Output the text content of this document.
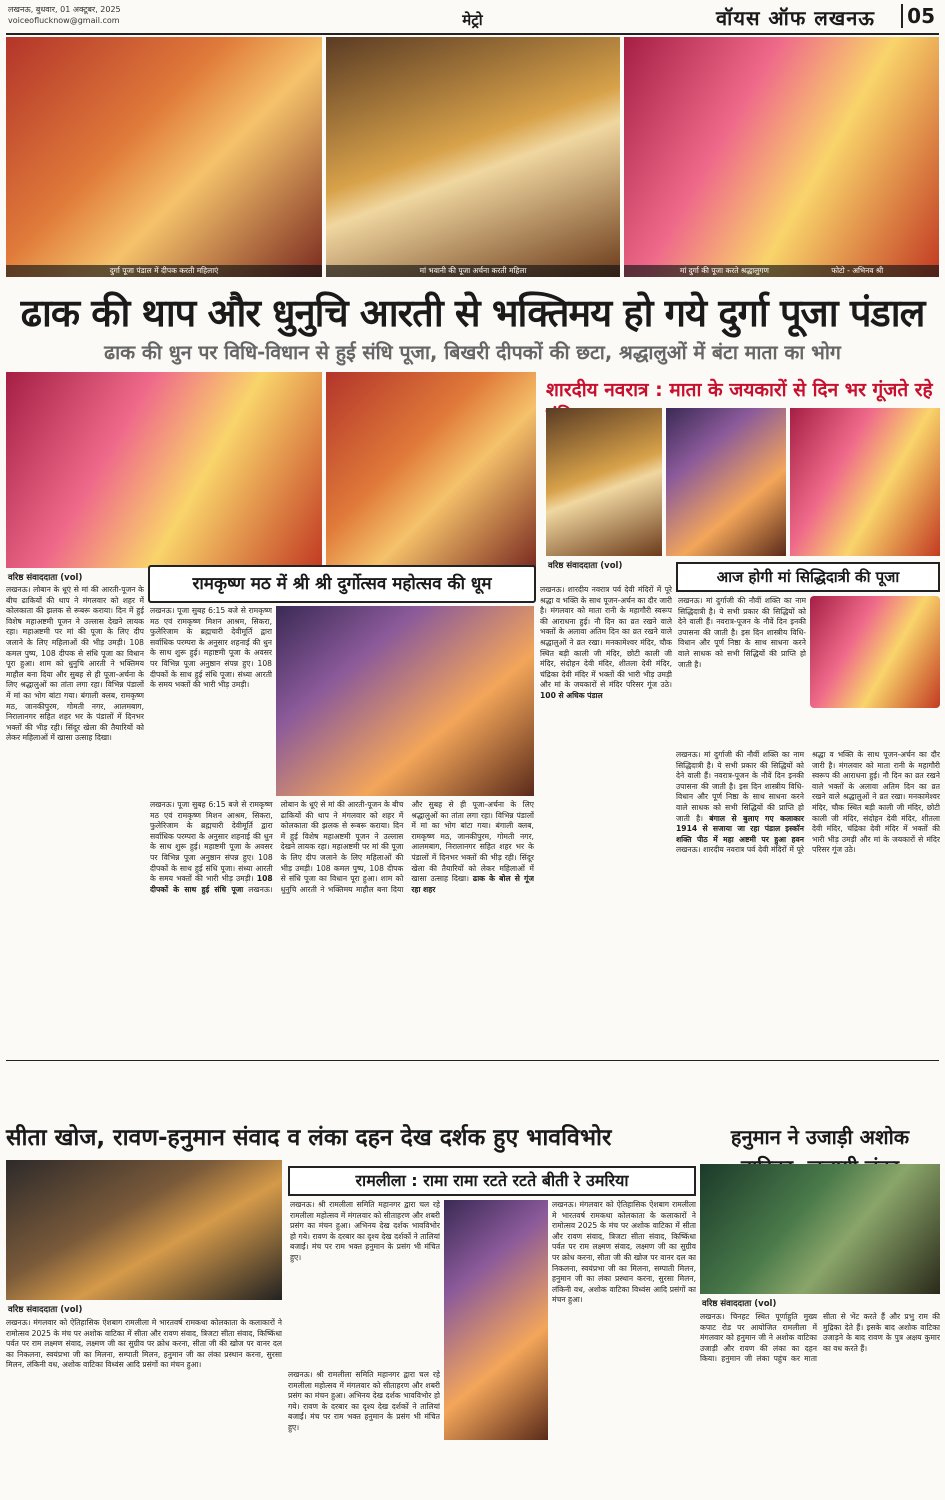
लखनऊ, बुधवार, 01 अक्टूबर, 2025
voiceoflucknow@gmail.com	मेट्रो	वॉयस ऑफ लखनऊ	05
दुर्गा पूजा पंडाल में दीपक करती महिलाएं	मां भवानी की पूजा अर्चना करती महिला	मां दुर्गा की पूजा करते श्रद्धालुगण	फोटो - अभिनव श्री
ढाक की थाप और धुनुचि आरती से भक्तिमय हो गये दुर्गा पूजा पंडाल
ढाक की धुन पर विधि-विधान से हुई संधि पूजा, बिखरी दीपकों की छटा, श्रद्धालुओं में बंटा माता का भोग
वरिष्ठ संवाददाता (vol)
शारदीय नवरात्र : माता के जयकारों से दिन भर गूंजते रहे
वरिष्ठ संवाददाता (vol)
लखनऊ। लोबान के धूएं से मां की आरती-पूजन के बीच ढाकियों की थाप ने मंगलवार को शहर में कोलकाता की झलक से रूबरू कराया। दिन में हुई विशेष महाअष्टमी पूजन ने उल्लास देखने लायक रहा। महाअष्टमी पर मां की पूजा के लिए दीप जलाने के लिए महिलाओं की भीड़ उमड़ी। 108 कमल पुष्प, 108 दीपक से संधि पूजा का विधान पूरा हुआ। शाम को धुनुचि आरती ने भक्तिमय माहौल बना दिया और सुबह से ही पूजा-अर्चना के लिए श्रद्धालुओं का तांता लगा रहा। विभिन्न पंडालों में मां का भोग बांटा गया। बंगाली क्लब, रामकृष्ण मठ, जानकीपुरम, गोमती नगर, आलमबाग, निरालानगर सहित शहर भर के पंडालों में दिनभर भक्तों की भीड़ रही। सिंदूर खेला की तैयारियों को लेकर महिलाओं में खासा उत्साह दिखा।
रामकृष्ण मठ में श्री श्री दुर्गोत्सव महोत्सव की धूम
लखनऊ। पूजा सुबह 6:15 बजे से रामकृष्ण मठ एवं रामकृष्ण मिशन आश्रम, सिकरा, फुलेरिजाम के ब्रह्मचारी देवीमूर्ति द्वारा सर्वाधिक परम्परा के अनुसार शहनाई की धुन के साथ शुरू हुई। महाष्टमी पूजा के अवसर पर विभिन्न पूजा अनुष्ठान संपन्न हुए। 108 दीपकों के साथ हुई संधि पूजा। संध्या आरती के समय भक्तों की भारी भीड़ उमड़ी।
लखनऊ। पूजा सुबह 6:15 बजे से रामकृष्ण मठ एवं रामकृष्ण मिशन आश्रम, सिकरा, फुलेरिजाम के ब्रह्मचारी देवीमूर्ति द्वारा सर्वाधिक परम्परा के अनुसार शहनाई की धुन के साथ शुरू हुई। महाष्टमी पूजा के अवसर पर विभिन्न पूजा अनुष्ठान संपन्न हुए। 108 दीपकों के साथ हुई संधि पूजा। संध्या आरती के समय भक्तों की भारी भीड़ उमड़ी। 108 दीपकों के साथ हुई संधि पूजा लखनऊ। लोबान के धूएं से मां की आरती-पूजन के बीच ढाकियों की थाप ने मंगलवार को शहर में कोलकाता की झलक से रूबरू कराया। दिन में हुई विशेष महाअष्टमी पूजन ने उल्लास देखने लायक रहा। महाअष्टमी पर मां की पूजा के लिए दीप जलाने के लिए महिलाओं की भीड़ उमड़ी। 108 कमल पुष्प, 108 दीपक से संधि पूजा का विधान पूरा हुआ। शाम को धुनुचि आरती ने भक्तिमय माहौल बना दिया और सुबह से ही पूजा-अर्चना के लिए श्रद्धालुओं का तांता लगा रहा। विभिन्न पंडालों में मां का भोग बांटा गया। बंगाली क्लब, रामकृष्ण मठ, जानकीपुरम, गोमती नगर, आलमबाग, निरालानगर सहित शहर भर के पंडालों में दिनभर भक्तों की भीड़ रही। सिंदूर खेला की तैयारियों को लेकर महिलाओं में खासा उत्साह दिखा। ढाक के बोल से गूंज रहा शहर
लखनऊ। शारदीय नवरात्र पर्व देवी मंदिरों में पूरे श्रद्धा व भक्ति के साथ पूजन-अर्चन का दौर जारी है। मंगलवार को माता रानी के महागौरी स्वरूप की आराधना हुई। नौ दिन का व्रत रखने वाले भक्तों के अलावा अतिम दिन का व्रत रखने वाले श्रद्धालुओं ने व्रत रखा। मनकामेश्वर मंदिर, चौक स्थित बड़ी काली जी मंदिर, छोटी काली जी मंदिर, संदोहन देवी मंदिर, शीतला देवी मंदिर, चंद्रिका देवी मंदिर में भक्तों की भारी भीड़ उमड़ी और मां के जयकारों से मंदिर परिसर गूंज उठे। 100 से अधिक पंडाल
आज होगी मां सिद्धिदात्री की पूजा
लखनऊ। मां दुर्गाजी की नौवीं शक्ति का नाम सिद्धिदात्री है। ये सभी प्रकार की सिद्धियों को देने वाली हैं। नवरात्र-पूजन के नौवें दिन इनकी उपासना की जाती है। इस दिन शास्त्रीय विधि-विधान और पूर्ण निष्ठा के साथ साधना करने वाले साधक को सभी सिद्धियों की प्राप्ति हो जाती है।
लखनऊ। मां दुर्गाजी की नौवीं शक्ति का नाम सिद्धिदात्री है। ये सभी प्रकार की सिद्धियों को देने वाली हैं। नवरात्र-पूजन के नौवें दिन इनकी उपासना की जाती है। इस दिन शास्त्रीय विधि-विधान और पूर्ण निष्ठा के साथ साधना करने वाले साधक को सभी सिद्धियों की प्राप्ति हो जाती है। बंगाल से बुलाए गए कलाकार 1914 से सजाया जा रहा पंडाल इस्कॉन शक्ति पीठ में महा अष्टमी पर हुआ हवन लखनऊ। शारदीय नवरात्र पर्व देवी मंदिरों में पूरे श्रद्धा व भक्ति के साथ पूजन-अर्चन का दौर जारी है। मंगलवार को माता रानी के महागौरी स्वरूप की आराधना हुई। नौ दिन का व्रत रखने वाले भक्तों के अलावा अतिम दिन का व्रत रखने वाले श्रद्धालुओं ने व्रत रखा। मनकामेश्वर मंदिर, चौक स्थित बड़ी काली जी मंदिर, छोटी काली जी मंदिर, संदोहन देवी मंदिर, शीतला देवी मंदिर, चंद्रिका देवी मंदिर में भक्तों की भारी भीड़ उमड़ी और मां के जयकारों से मंदिर परिसर गूंज उठे।
सीता खोज, रावण-हनुमान संवाद व लंका दहन देख दर्शक हुए भावविभोर	हनुमान ने उजाड़ी अशोक
वरिष्ठ संवाददाता (vol)
रामलीला : रामा रामा रटते रटते बीती रे उमरिया
लखनऊ। श्री रामलीला समिति महानगर द्वारा चल रहे रामलीला महोत्सव में मंगलवार को सीताहरण और शबरी प्रसंग का मंचन हुआ। अभिनय देख दर्शक भावविभोर हो गये। रावण के दरबार का दृश्य देख दर्शकों ने तालियां बजाईं। मंच पर राम भक्त हनुमान के प्रसंग भी मंचित हुए।
लखनऊ। मंगलवार को ऐतिहासिक ऐशबाग रामलीला मे भारतवर्ष रामकथा कोलकाता के कलाकारों ने रामोत्सव 2025 के मंच पर अशोक वाटिका में सीता और रावण संवाद, त्रिजटा सीता संवाद, किष्किंधा पर्वत पर राम लक्ष्मण संवाद, लक्ष्मण जी का सुग्रीव पर क्रोध करना, सीता जी की खोज पर वानर दल का निकलना, स्वयंप्रभा जी का मिलना, सम्पाती मिलन, हनुमान जी का लंका प्रस्थान करना, सुरसा मिलन, लंकिनी वध, अशोक वाटिका विध्वंस आदि प्रसंगों का मंचन हुआ।
लखनऊ। मंगलवार को ऐतिहासिक ऐशबाग रामलीला मे भारतवर्ष रामकथा कोलकाता के कलाकारों ने रामोत्सव 2025 के मंच पर अशोक वाटिका में सीता और रावण संवाद, त्रिजटा सीता संवाद, किष्किंधा पर्वत पर राम लक्ष्मण संवाद, लक्ष्मण जी का सुग्रीव पर क्रोध करना, सीता जी की खोज पर वानर दल का निकलना, स्वयंप्रभा जी का मिलना, सम्पाती मिलन, हनुमान जी का लंका प्रस्थान करना, सुरसा मिलन, लंकिनी वध, अशोक वाटिका विध्वंस आदि प्रसंगों का मंचन हुआ।
लखनऊ। श्री रामलीला समिति महानगर द्वारा चल रहे रामलीला महोत्सव में मंगलवार को सीताहरण और शबरी प्रसंग का मंचन हुआ। अभिनय देख दर्शक भावविभोर हो गये। रावण के दरबार का दृश्य देख दर्शकों ने तालियां बजाईं। मंच पर राम भक्त हनुमान के प्रसंग भी मंचित हुए।
वरिष्ठ संवाददाता (vol)
लखनऊ। चिनहट स्थित पूर्णाहुति मुख्य कपाट रोड पर आयोजित रामलीला में मंगलवार को हनुमान जी ने अशोक वाटिका उजाड़ी और रावण की लंका का दहन किया। हनुमान जी लंका पहुंच कर माता सीता से भेंट करते हैं और प्रभु राम की मुद्रिका देते हैं। इसके बाद अशोक वाटिका उजाड़ने के बाद रावण के पुत्र अक्षय कुमार का वध करते हैं।
